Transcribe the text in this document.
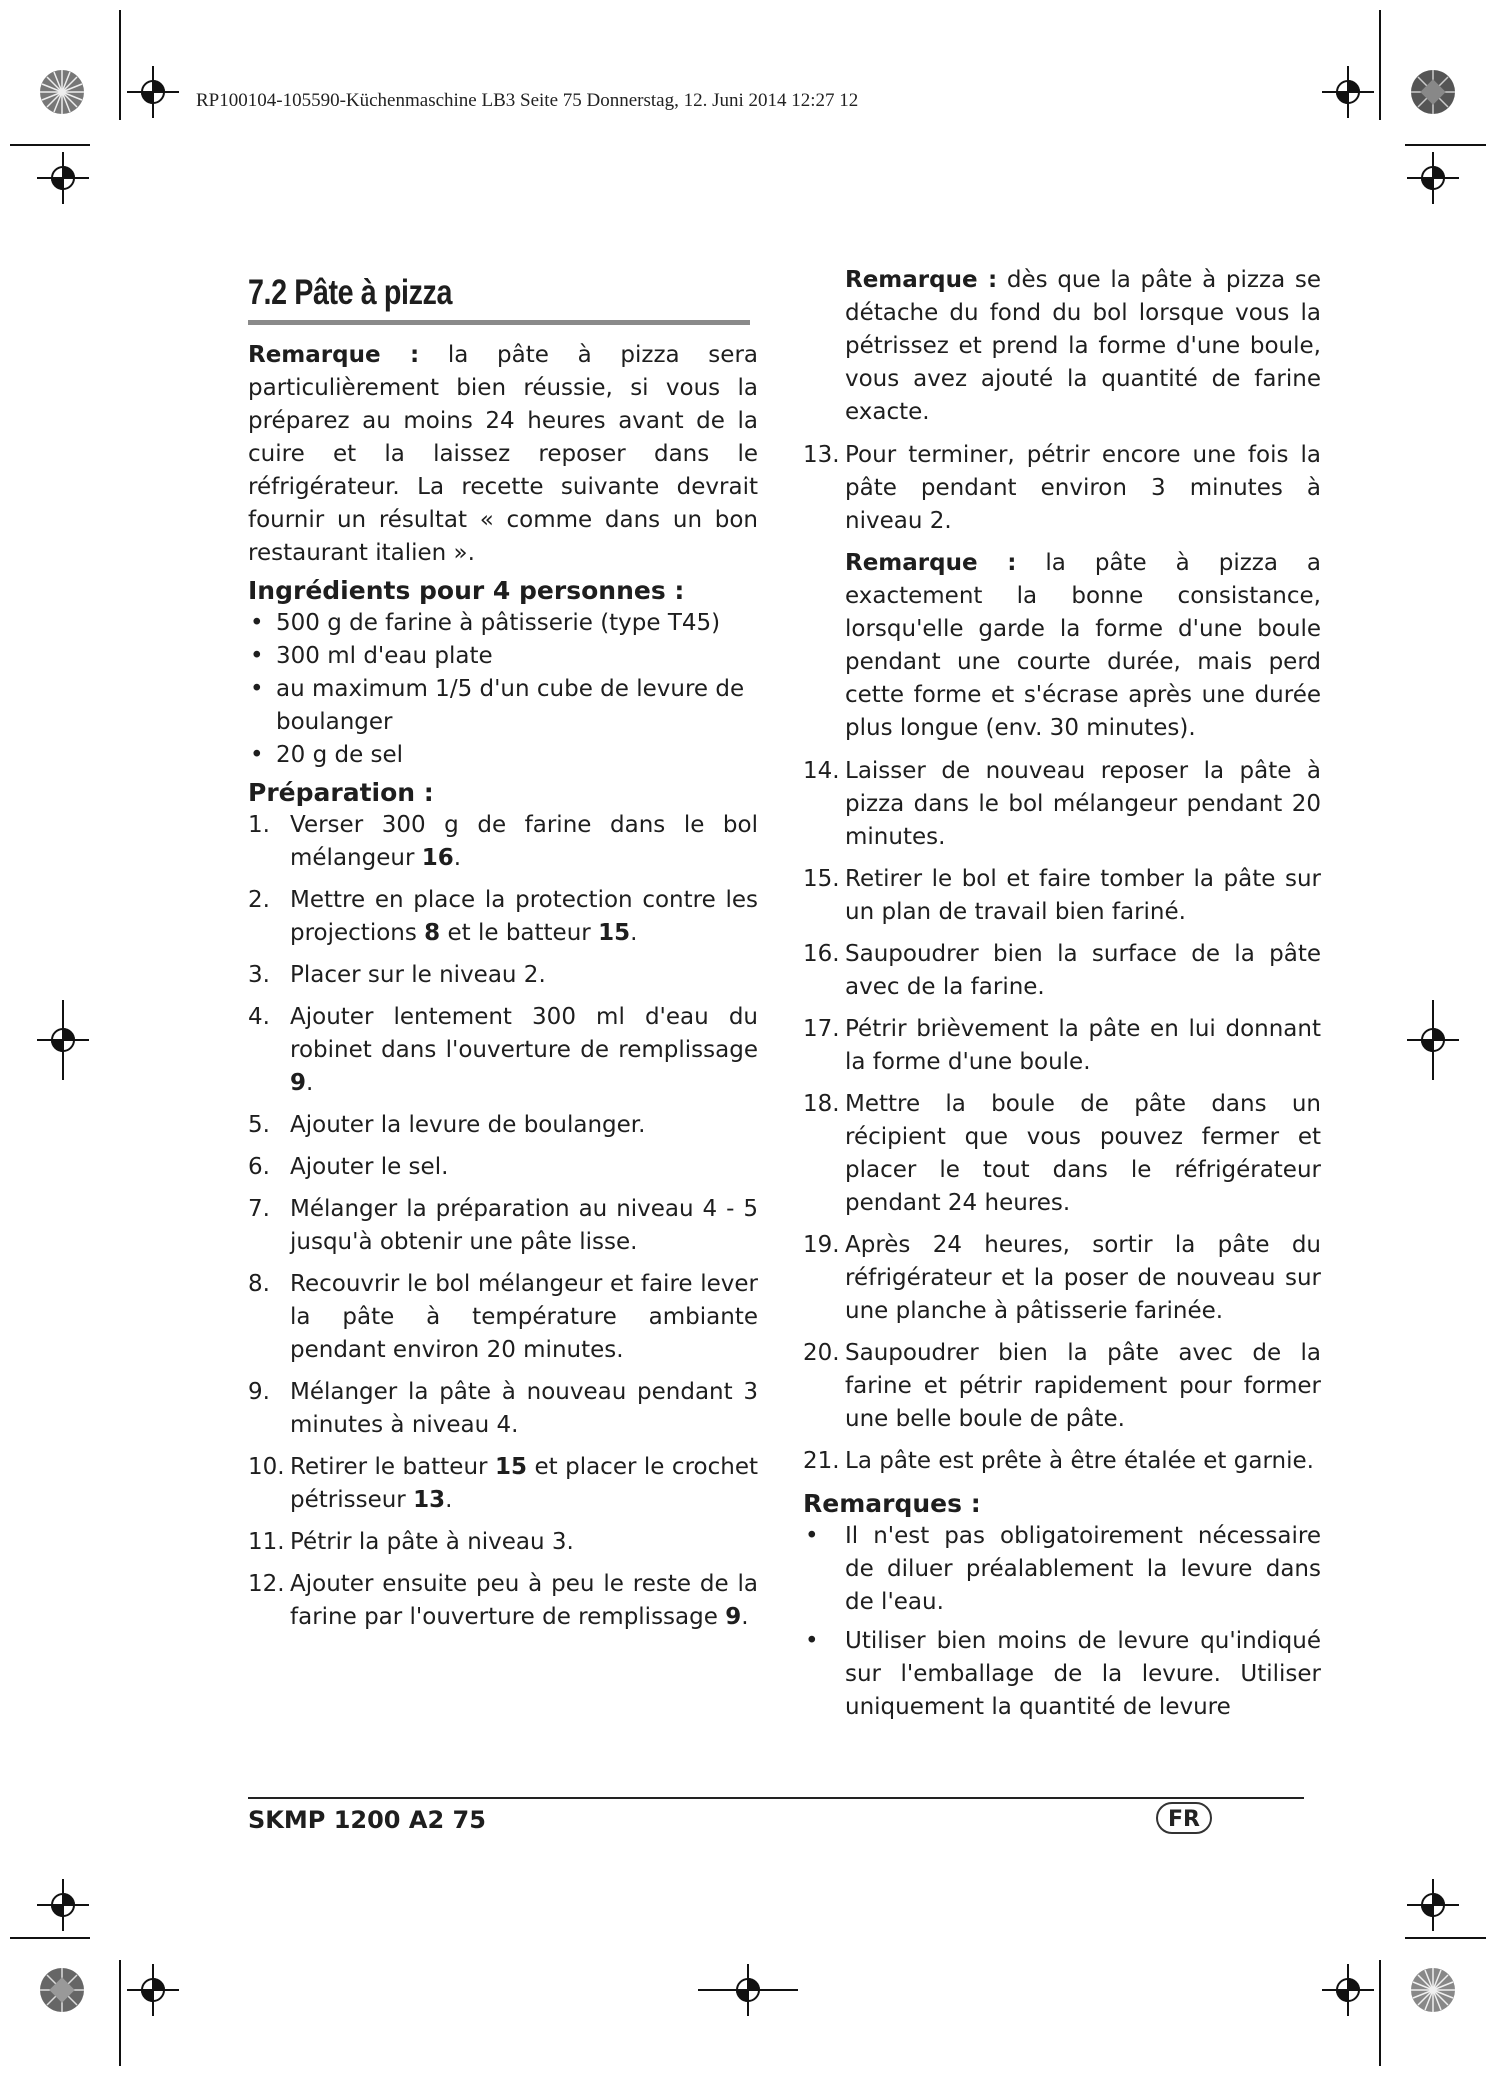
RP100104-105590-Küchenmaschine LB3 Seite 75 Donnerstag, 12. Juni 2014 12:27 12
7.2 Pâte à pizza

Remarque : la pâte à pizza sera particulièrement bien réussie, si vous la préparez au moins 24 heures avant de la cuire et la laissez reposer dans le réfrigérateur. La recette suivante devrait fournir un résultat « comme dans un bon restaurant italien ».

Ingrédients pour 4 personnes :
• 500 g de farine à pâtisserie (type T45)
• 300 ml d'eau plate
• au maximum 1/5 d'un cube de levure de boulanger
• 20 g de sel
Préparation :
1. Verser 300 g de farine dans le bol mélangeur 16.
2. Mettre en place la protection contre les projections 8 et le batteur 15.
3. Placer sur le niveau 2.
4. Ajouter lentement 300 ml d'eau du robinet dans l'ouverture de remplissage 9.
5. Ajouter la levure de boulanger.
6. Ajouter le sel.
7. Mélanger la préparation au niveau 4 - 5 jusqu'à obtenir une pâte lisse.
8. Recouvrir le bol mélangeur et faire lever la pâte à température ambiante pendant environ 20 minutes.
9. Mélanger la pâte à nouveau pendant 3 minutes à niveau 4.
10. Retirer le batteur 15 et placer le crochet pétrisseur 13.
11. Pétrir la pâte à niveau 3.
12. Ajouter ensuite peu à peu le reste de la farine par l'ouverture de remplissage 9.

Remarque : dès que la pâte à pizza se détache du fond du bol lorsque vous la pétrissez et prend la forme d'une boule, vous avez ajouté la quantité de farine exacte.

13. Pour terminer, pétrir encore une fois la pâte pendant environ 3 minutes à niveau 2.

Remarque : la pâte à pizza a exactement la bonne consistance, lorsqu'elle garde la forme d'une boule pendant une courte durée, mais perd cette forme et s'écrase après une durée plus longue (env. 30 minutes).

14. Laisser de nouveau reposer la pâte à pizza dans le bol mélangeur pendant 20 minutes.
15. Retirer le bol et faire tomber la pâte sur un plan de travail bien fariné.
16. Saupoudrer bien la surface de la pâte avec de la farine.
17. Pétrir brièvement la pâte en lui donnant la forme d'une boule.
18. Mettre la boule de pâte dans un récipient que vous pouvez fermer et placer le tout dans le réfrigérateur pendant 24 heures.
19. Après 24 heures, sortir la pâte du réfrigérateur et la poser de nouveau sur une planche à pâtisserie farinée.
20. Saupoudrer bien la pâte avec de la farine et pétrir rapidement pour former une belle boule de pâte.
21. La pâte est prête à être étalée et garnie.
Remarques :
• Il n'est pas obligatoirement nécessaire de diluer préalablement la levure dans de l'eau.
• Utiliser bien moins de levure qu'indiqué sur l'emballage de la levure. Utiliser uniquement la quantité de levure
SKMP 1200 A2 75	FR
